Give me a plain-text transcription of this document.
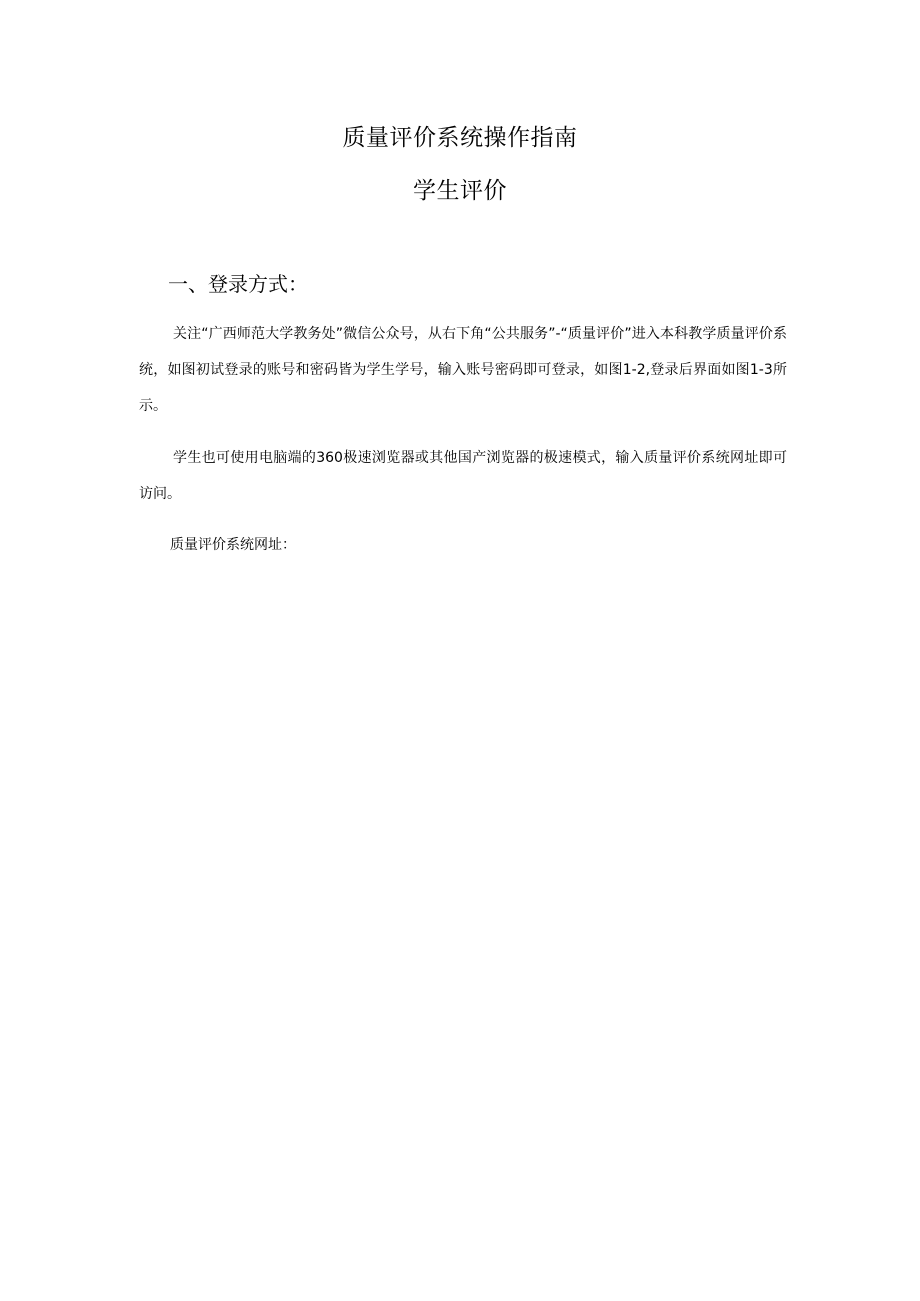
质量评价系统操作指南
学生评价
一、登录方式：

关注“广西师范大学教务处”微信公众号，从右下角“公共服务”-“质量评价”进入本科教学质量评价系统，如图初试登录的账号和密码皆为学生学号，输入账号密码即可登录，如图1-2,登录后界面如图1-3所示。

学生也可使用电脑端的360极速浏览器或其他国产浏览器的极速模式，输入质量评价系统网址即可访问。

质量评价系统网址：
